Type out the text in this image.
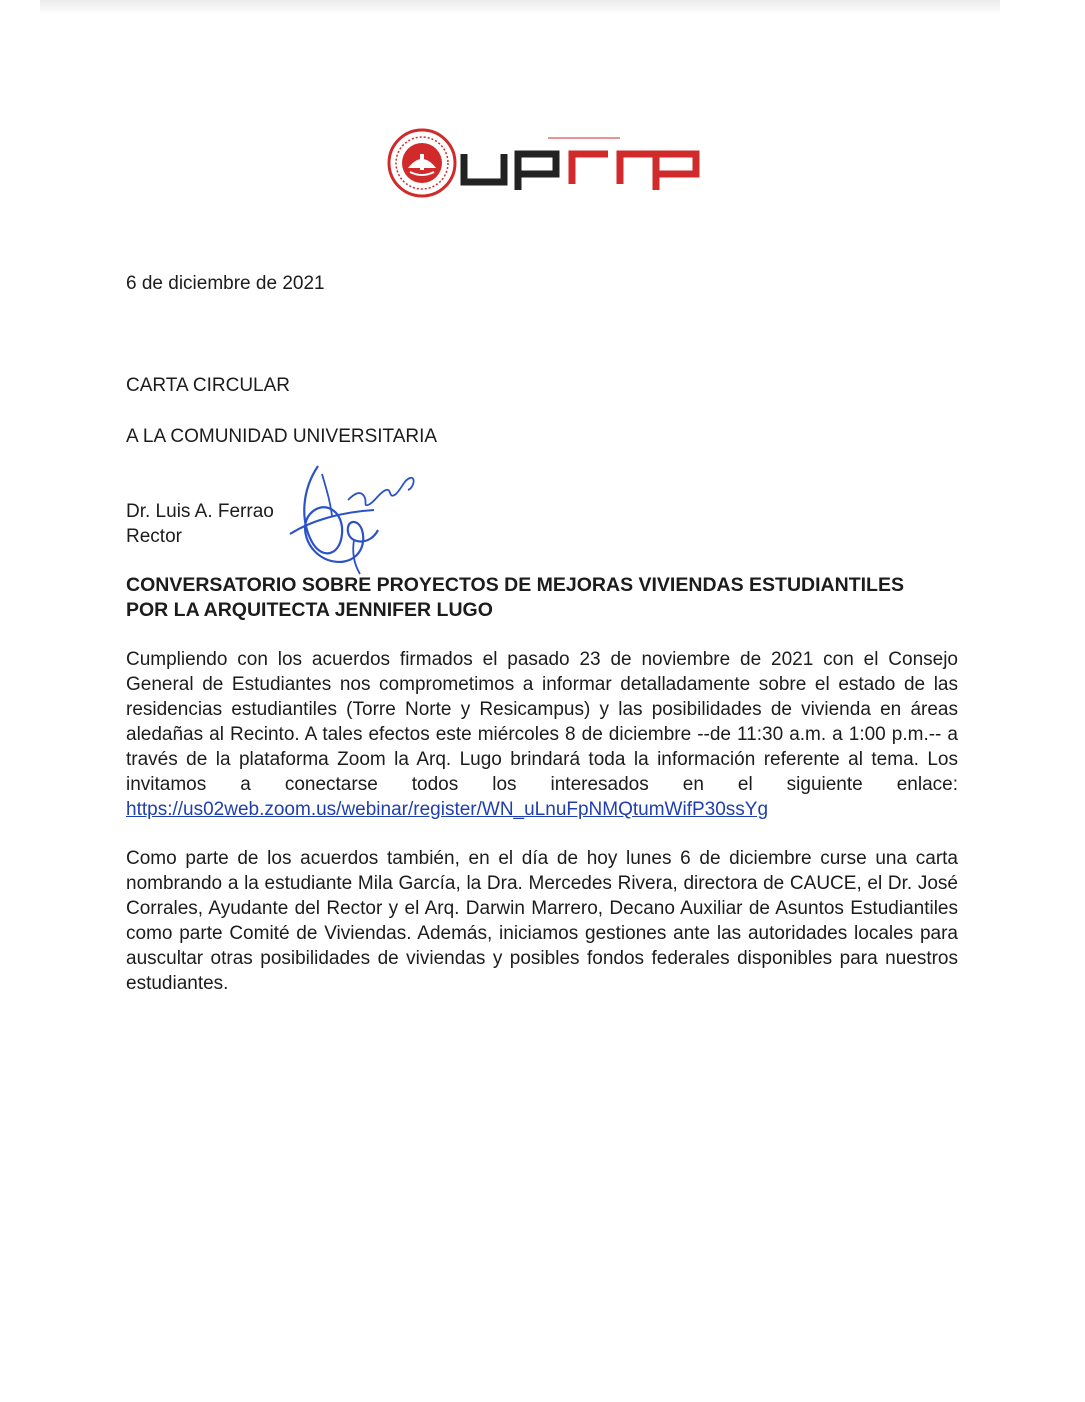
6 de diciembre de 2021

CARTA CIRCULAR

A LA COMUNIDAD UNIVERSITARIA

Dr. Luis A. Ferrao
Rector
CONVERSATORIO SOBRE PROYECTOS DE MEJORAS VIVIENDAS ESTUDIANTILES
POR LA ARQUITECTA JENNIFER LUGO

Cumpliendo con los acuerdos firmados el pasado 23 de noviembre de 2021 con el Consejo General de Estudiantes nos comprometimos a informar detalladamente sobre el estado de las residencias estudiantiles (Torre Norte y Resicampus) y las posibilidades de vivienda en áreas aledañas al Recinto. A tales efectos este miércoles 8 de diciembre --de 11:30 a.m. a 1:00 p.m.-- a través de la plataforma Zoom la Arq. Lugo brindará toda la información referente al tema. Los invitamos a conectarse todos los interesados en el siguiente enlace: https://us02web.zoom.us/webinar/register/WN_uLnuFpNMQtumWifP30ssYg

Como parte de los acuerdos también, en el día de hoy lunes 6 de diciembre curse una carta nombrando a la estudiante Mila García, la Dra. Mercedes Rivera, directora de CAUCE, el Dr. José Corrales, Ayudante del Rector y el Arq. Darwin Marrero, Decano Auxiliar de Asuntos Estudiantiles como parte Comité de Viviendas. Además, iniciamos gestiones ante las autoridades locales para auscultar otras posibilidades de viviendas y posibles fondos federales disponibles para nuestros estudiantes.
